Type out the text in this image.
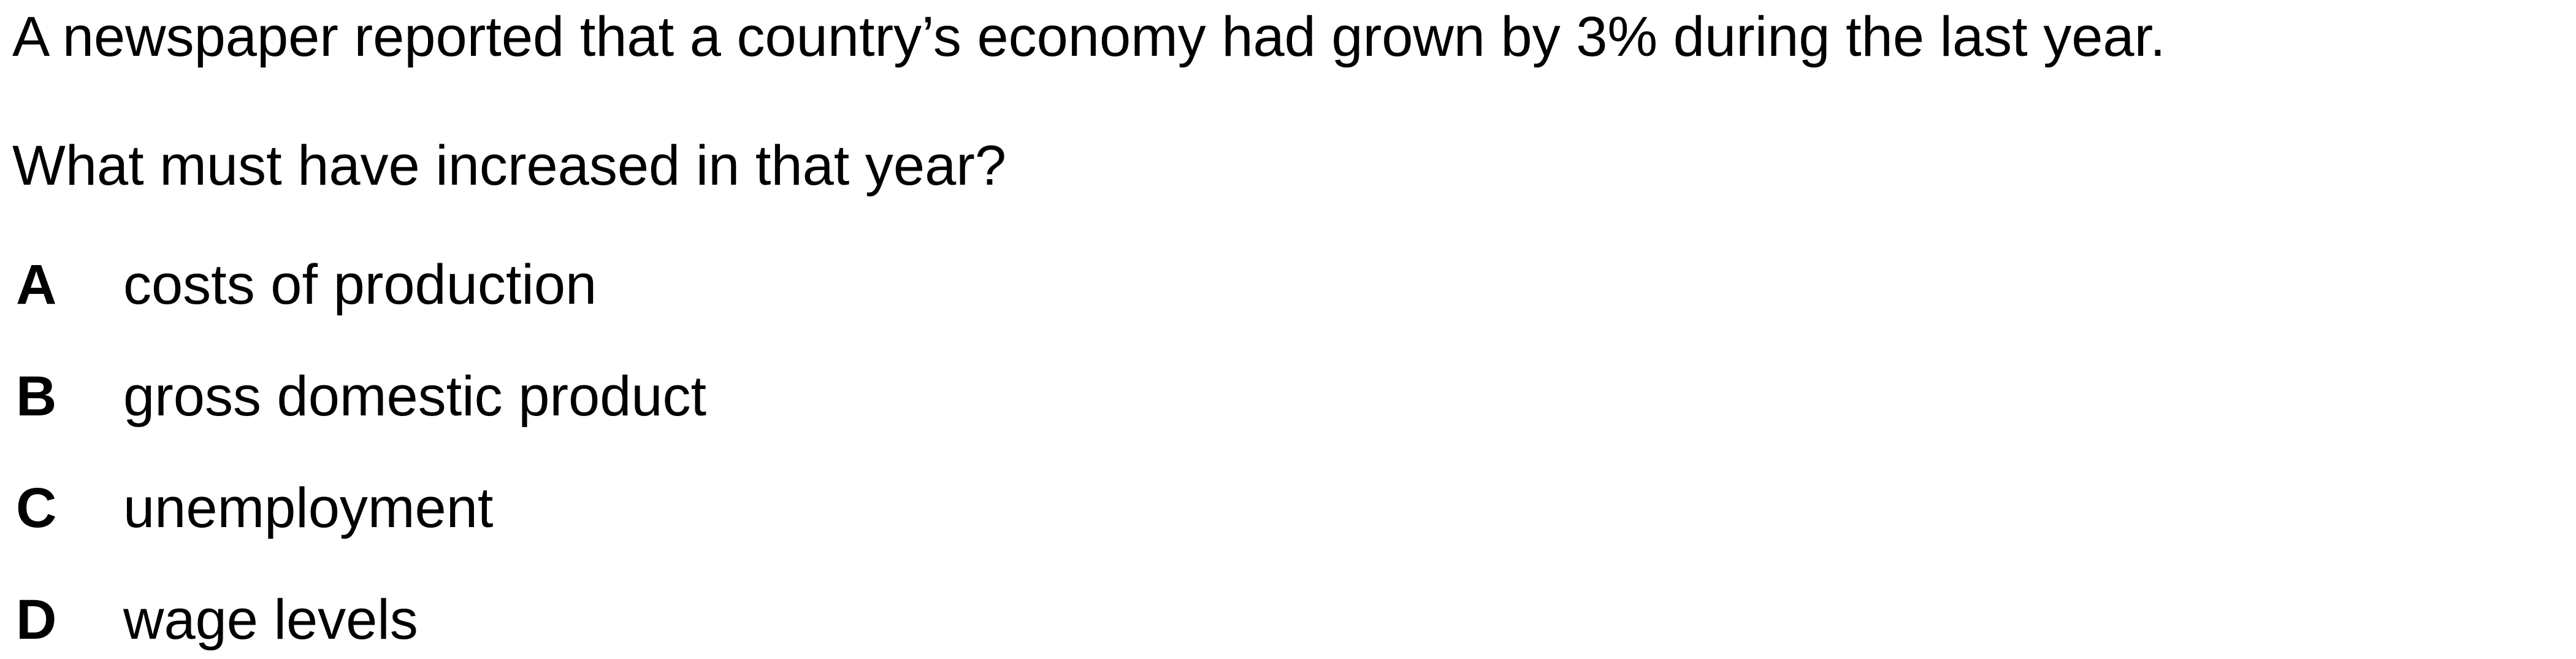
A newspaper reported that a country’s economy had grown by 3% during the last year.
What must have increased in that year?
A costs of production
B gross domestic product
C unemployment
D wage levels
